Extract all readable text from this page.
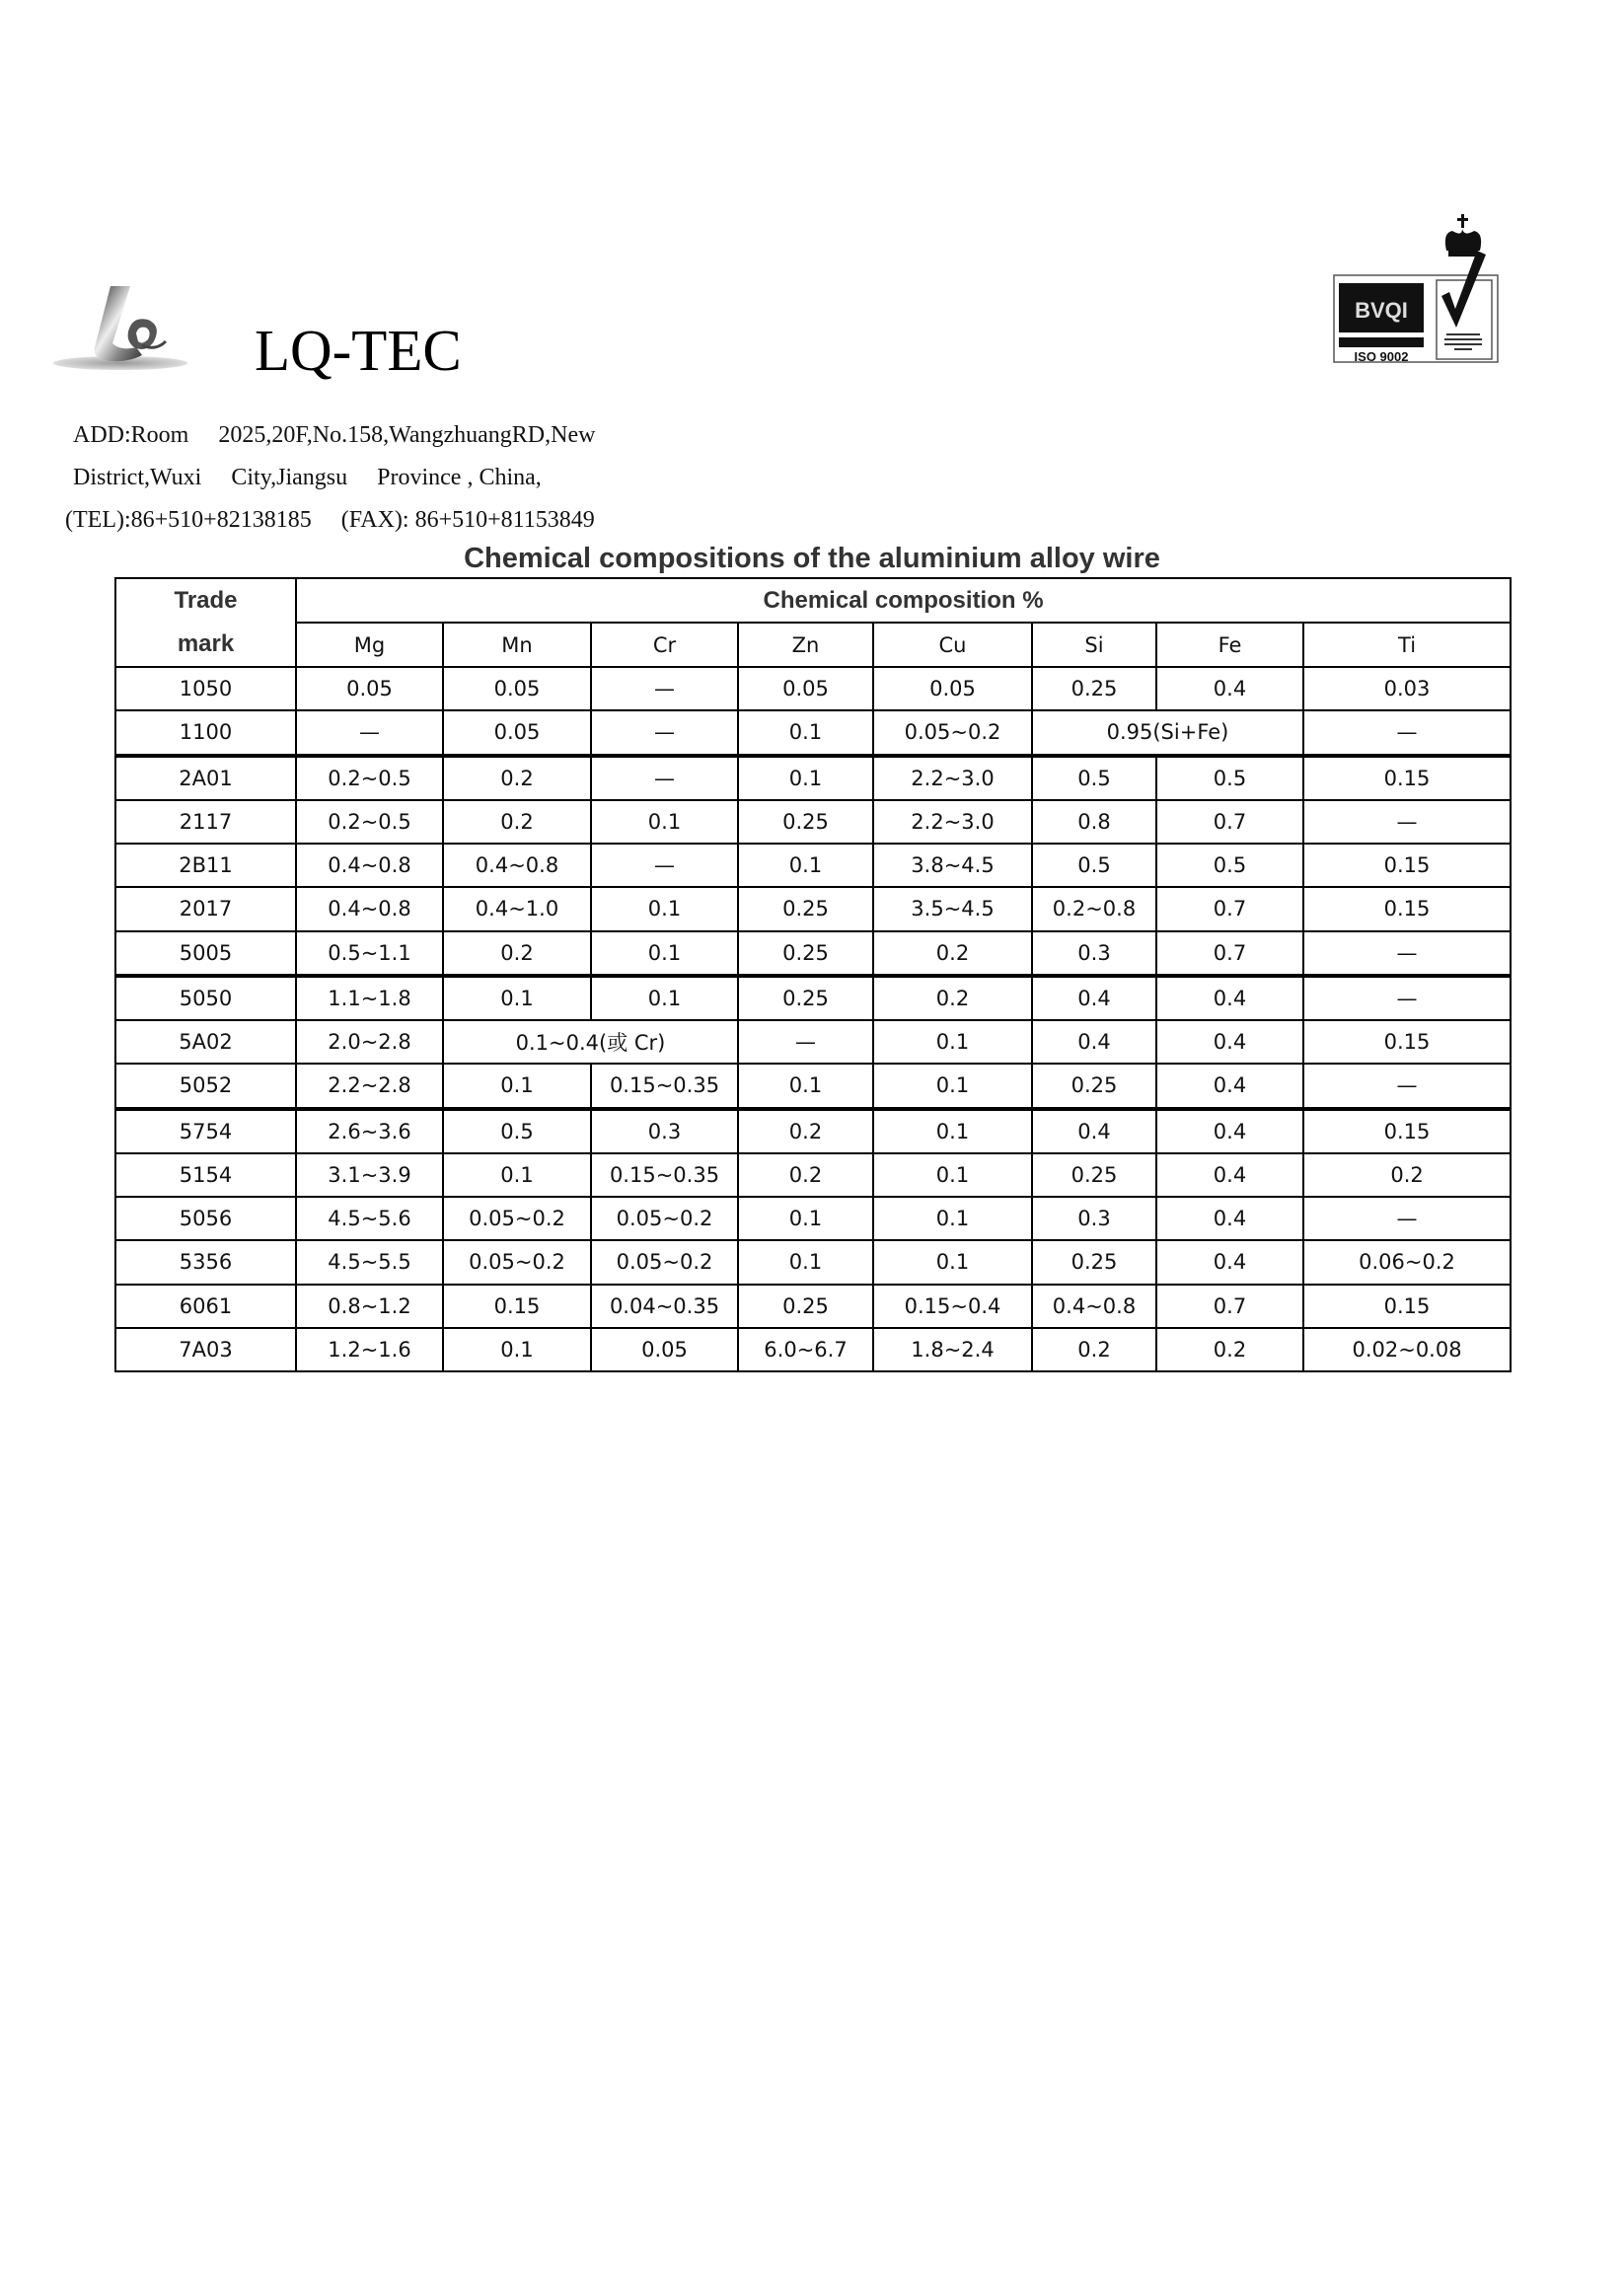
LQ-TEC
BVQI
ISO 9002
ADD:Room     2025,20F,No.158,WangzhuangRD,New
District,Wuxi     City,Jiangsu     Province , China,
(TEL):86+510+82138185     (FAX): 86+510+81153849
Chemical compositions of the aluminium alloy wire
Trade
mark	Chemical composition %							
	Mg	Mn	Cr	Zn	Cu	Si	Fe	Ti
1050	0.05	0.05	—	0.05	0.05	0.25	0.4	0.03
1100	—	0.05	—	0.1	0.05~0.2	0.95(Si+Fe)		—
2A01	0.2~0.5	0.2	—	0.1	2.2~3.0	0.5	0.5	0.15
2117	0.2~0.5	0.2	0.1	0.25	2.2~3.0	0.8	0.7	—
2B11	0.4~0.8	0.4~0.8	—	0.1	3.8~4.5	0.5	0.5	0.15
2017	0.4~0.8	0.4~1.0	0.1	0.25	3.5~4.5	0.2~0.8	0.7	0.15
5005	0.5~1.1	0.2	0.1	0.25	0.2	0.3	0.7	—
5050	1.1~1.8	0.1	0.1	0.25	0.2	0.4	0.4	—
5A02	2.0~2.8	0.1~0.4(或 Cr)		—	0.1	0.4	0.4	0.15
5052	2.2~2.8	0.1	0.15~0.35	0.1	0.1	0.25	0.4	—
5754	2.6~3.6	0.5	0.3	0.2	0.1	0.4	0.4	0.15
5154	3.1~3.9	0.1	0.15~0.35	0.2	0.1	0.25	0.4	0.2
5056	4.5~5.6	0.05~0.2	0.05~0.2	0.1	0.1	0.3	0.4	—
5356	4.5~5.5	0.05~0.2	0.05~0.2	0.1	0.1	0.25	0.4	0.06~0.2
6061	0.8~1.2	0.15	0.04~0.35	0.25	0.15~0.4	0.4~0.8	0.7	0.15
7A03	1.2~1.6	0.1	0.05	6.0~6.7	1.8~2.4	0.2	0.2	0.02~0.08
